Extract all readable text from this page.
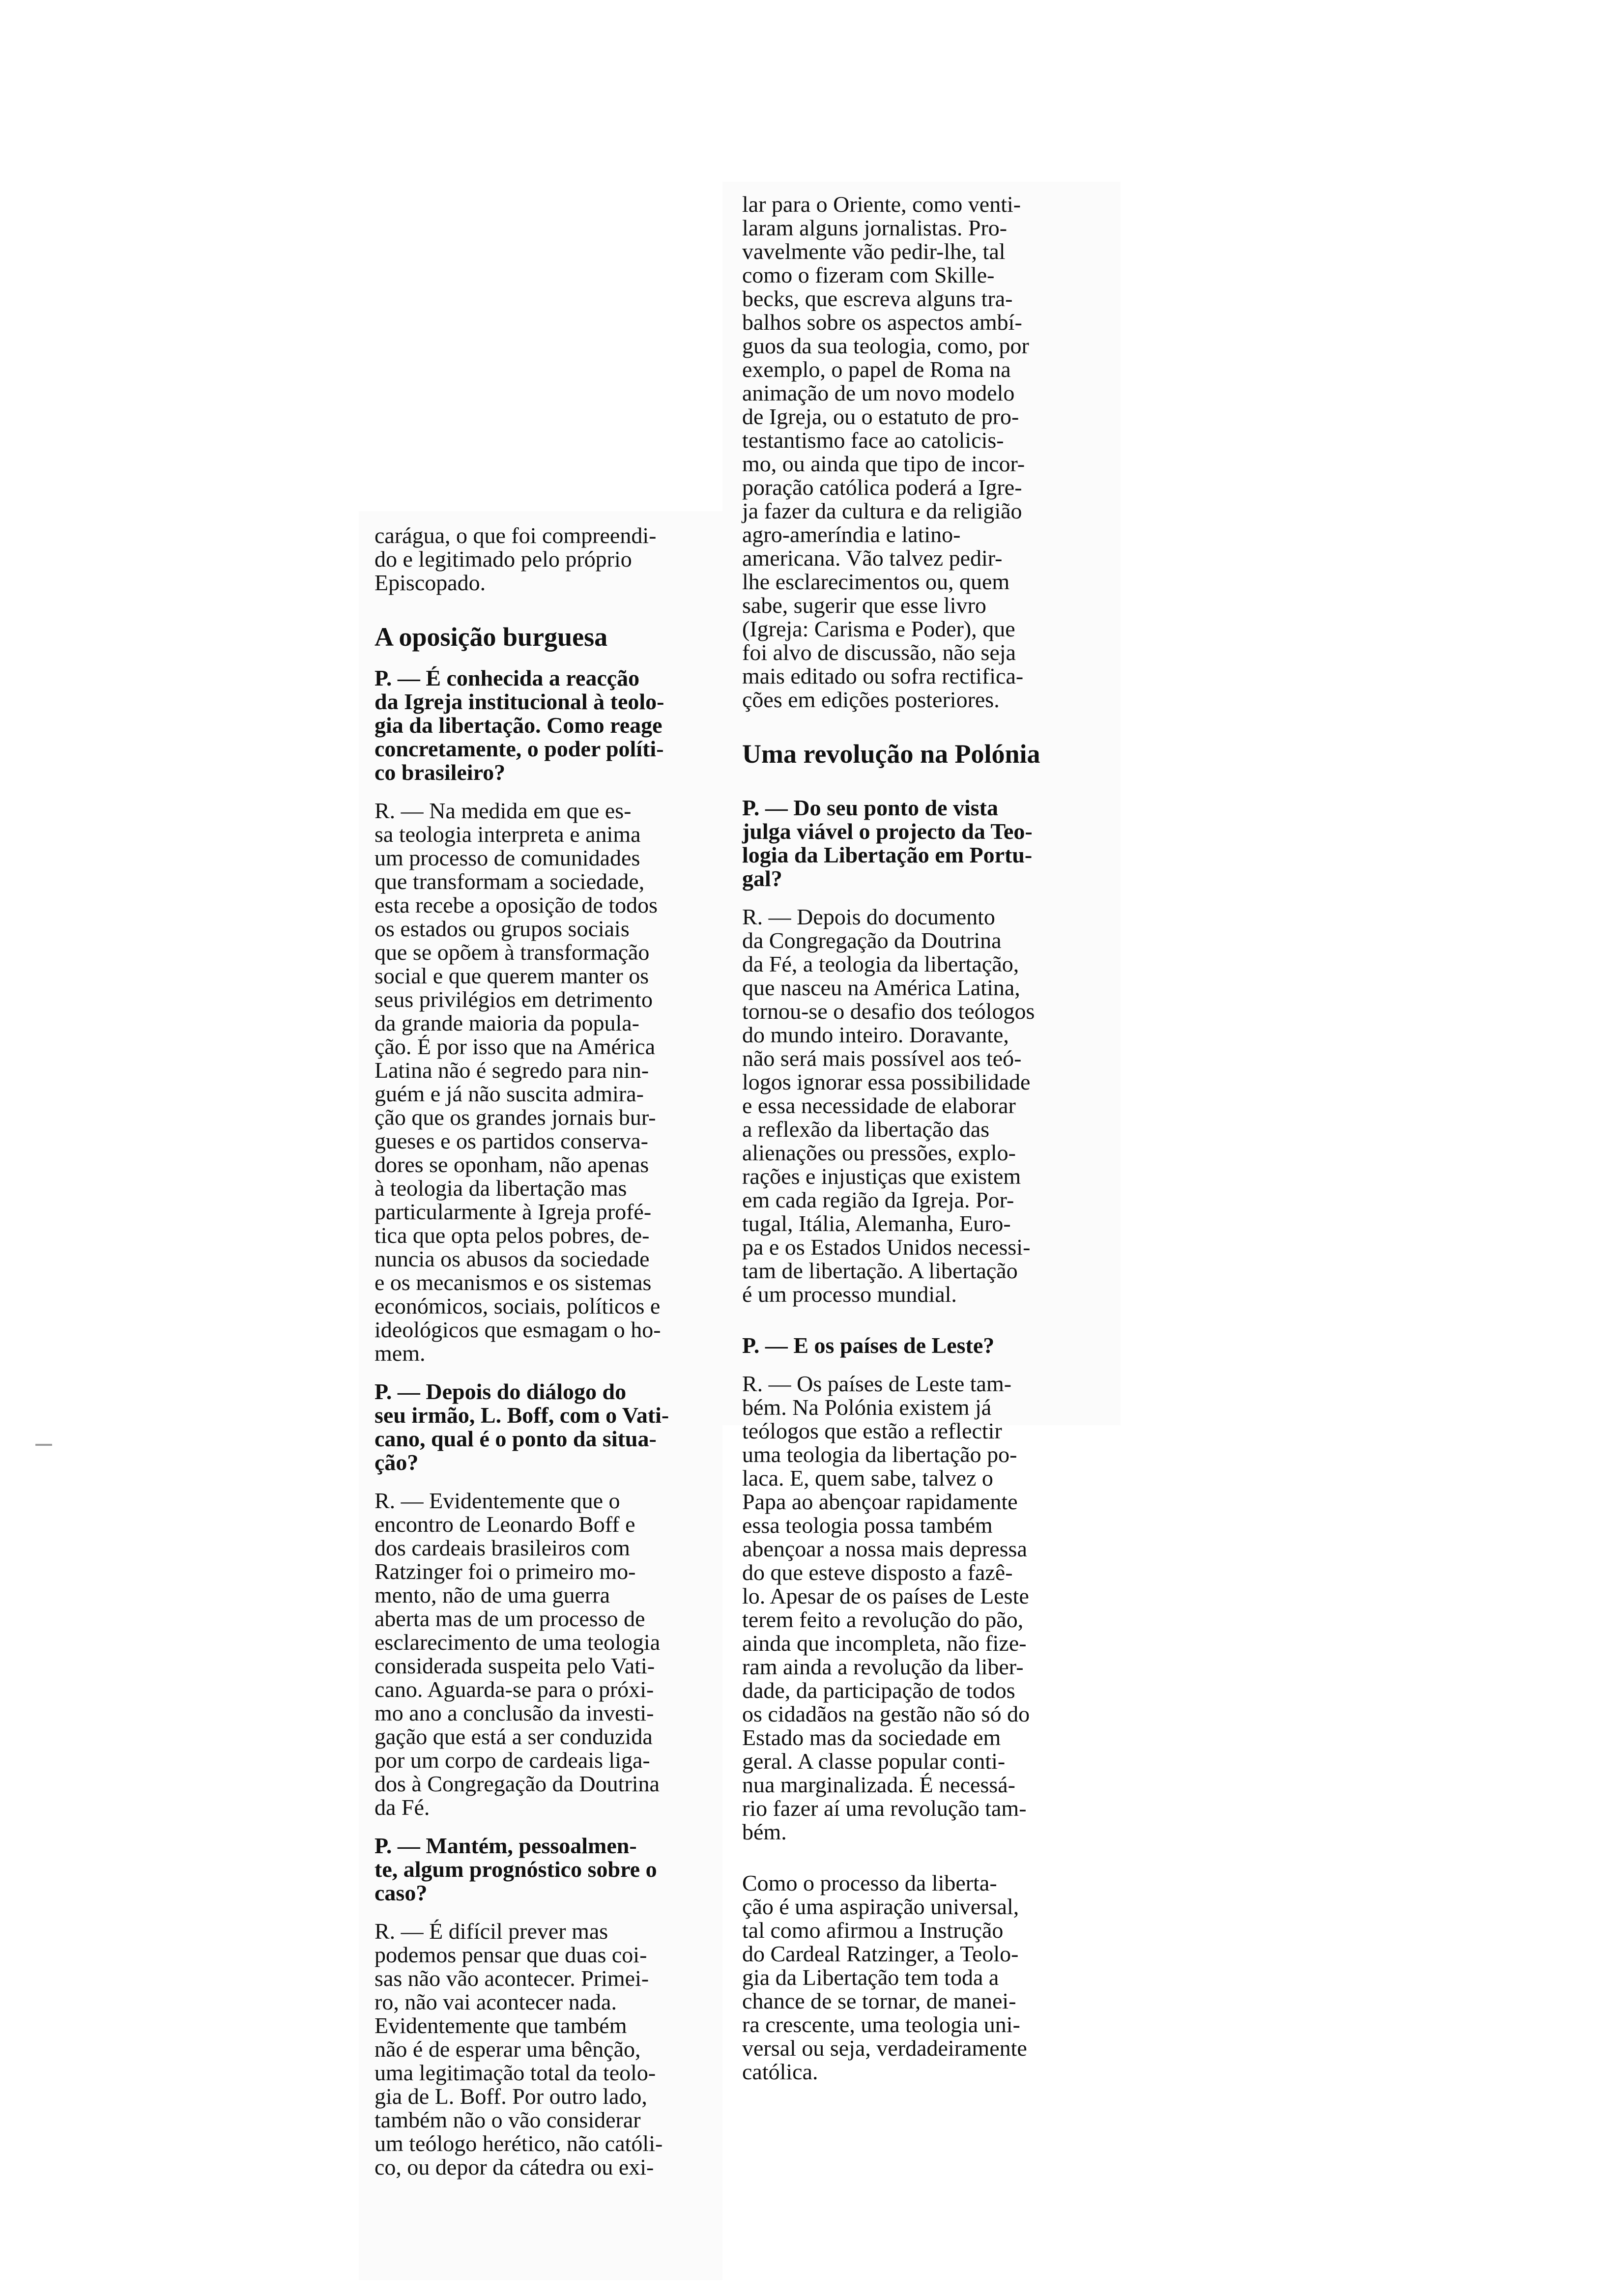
carágua, o que foi compreendi-

do e legitimado pelo próprio

Episcopado.

A oposição burguesa

P. — É conhecida a reacção

da Igreja institucional à teolo-

gia da libertação. Como reage

concretamente, o poder políti-

co brasileiro?

R. — Na medida em que es-

sa teologia interpreta e anima

um processo de comunidades

que transformam a sociedade,

esta recebe a oposição de todos

os estados ou grupos sociais

que se opõem à transformação

social e que querem manter os

seus privilégios em detrimento

da grande maioria da popula-

ção. É por isso que na América

Latina não é segredo para nin-

guém e já não suscita admira-

ção que os grandes jornais bur-

gueses e os partidos conserva-

dores se oponham, não apenas

à teologia da libertação mas

particularmente à Igreja profé-

tica que opta pelos pobres, de-

nuncia os abusos da sociedade

e os mecanismos e os sistemas

económicos, sociais, políticos e

ideológicos que esmagam o ho-

mem.

P. — Depois do diálogo do

seu irmão, L. Boff, com o Vati-

cano, qual é o ponto da situa-

ção?

R. — Evidentemente que o

encontro de Leonardo Boff e

dos cardeais brasileiros com

Ratzinger foi o primeiro mo-

mento, não de uma guerra

aberta mas de um processo de

esclarecimento de uma teologia

considerada suspeita pelo Vati-

cano. Aguarda-se para o próxi-

mo ano a conclusão da investi-

gação que está a ser conduzida

por um corpo de cardeais liga-

dos à Congregação da Doutrina

da Fé.

P. — Mantém, pessoalmen-

te, algum prognóstico sobre o

caso?

R. — É difícil prever mas

podemos pensar que duas coi-

sas não vão acontecer. Primei-

ro, não vai acontecer nada.

Evidentemente que também

não é de esperar uma bênção,

uma legitimação total da teolo-

gia de L. Boff. Por outro lado,

também não o vão considerar

um teólogo herético, não católi-

co, ou depor da cátedra ou exi-

lar para o Oriente, como venti-

laram alguns jornalistas. Pro-

vavelmente vão pedir-lhe, tal

como o fizeram com Skille-

becks, que escreva alguns tra-

balhos sobre os aspectos ambí-

guos da sua teologia, como, por

exemplo, o papel de Roma na

animação de um novo modelo

de Igreja, ou o estatuto de pro-

testantismo face ao catolicis-

mo, ou ainda que tipo de incor-

poração católica poderá a Igre-

ja fazer da cultura e da religião

agro-ameríndia e latino-

americana. Vão talvez pedir-

lhe esclarecimentos ou, quem

sabe, sugerir que esse livro

(Igreja: Carisma e Poder), que

foi alvo de discussão, não seja

mais editado ou sofra rectifica-

ções em edições posteriores.

Uma revolução na Polónia

P. — Do seu ponto de vista

julga viável o projecto da Teo-

logia da Libertação em Portu-

gal?

R. — Depois do documento

da Congregação da Doutrina

da Fé, a teologia da libertação,

que nasceu na América Latina,

tornou-se o desafio dos teólogos

do mundo inteiro. Doravante,

não será mais possível aos teó-

logos ignorar essa possibilidade

e essa necessidade de elaborar

a reflexão da libertação das

alienações ou pressões, explo-

rações e injustiças que existem

em cada região da Igreja. Por-

tugal, Itália, Alemanha, Euro-

pa e os Estados Unidos necessi-

tam de libertação. A libertação

é um processo mundial.

P. — E os países de Leste?

R. — Os países de Leste tam-

bém. Na Polónia existem já

teólogos que estão a reflectir

uma teologia da libertação po-

laca. E, quem sabe, talvez o

Papa ao abençoar rapidamente

essa teologia possa também

abençoar a nossa mais depressa

do que esteve disposto a fazê-

lo. Apesar de os países de Leste

terem feito a revolução do pão,

ainda que incompleta, não fize-

ram ainda a revolução da liber-

dade, da participação de todos

os cidadãos na gestão não só do

Estado mas da sociedade em

geral. A classe popular conti-

nua marginalizada. É necessá-

rio fazer aí uma revolução tam-

bém.

Como o processo da liberta-

ção é uma aspiração universal,

tal como afirmou a Instrução

do Cardeal Ratzinger, a Teolo-

gia da Libertação tem toda a

chance de se tornar, de manei-

ra crescente, uma teologia uni-

versal ou seja, verdadeiramente

católica.
